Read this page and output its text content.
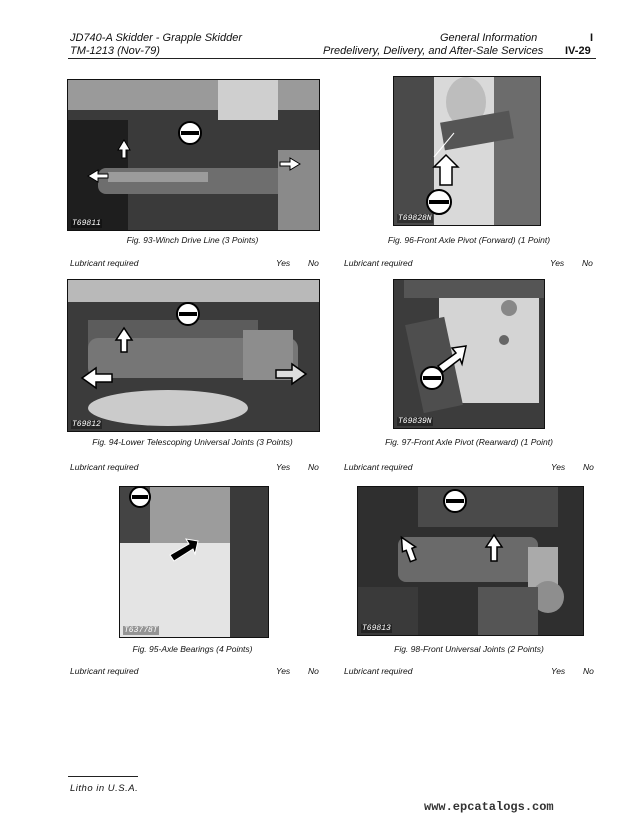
JD740-A Skidder - Grapple Skidder
TM-1213 (Nov-79)
General Information
Predelivery, Delivery, and After-Sale Services
I
IV-29
T69811
Fig. 93-Winch Drive Line (3 Points)
Lubricant required	Yes No
T69812
Fig. 94-Lower Telescoping Universal Joints (3 Points)
Lubricant required	Yes No
T63778T
Fig. 95-Axle Bearings (4 Points)
Lubricant required	Yes No
T69828N
Fig. 96-Front Axle Pivot (Forward) (1 Point)
Lubricant required	Yes No
T69839N
Fig. 97-Front Axle Pivot (Rearward) (1 Point)
Lubricant required	Yes No
T69813
Fig. 98-Front Universal Joints (2 Points)
Lubricant required	Yes No
Litho in U.S.A.
www.epcatalogs.com
